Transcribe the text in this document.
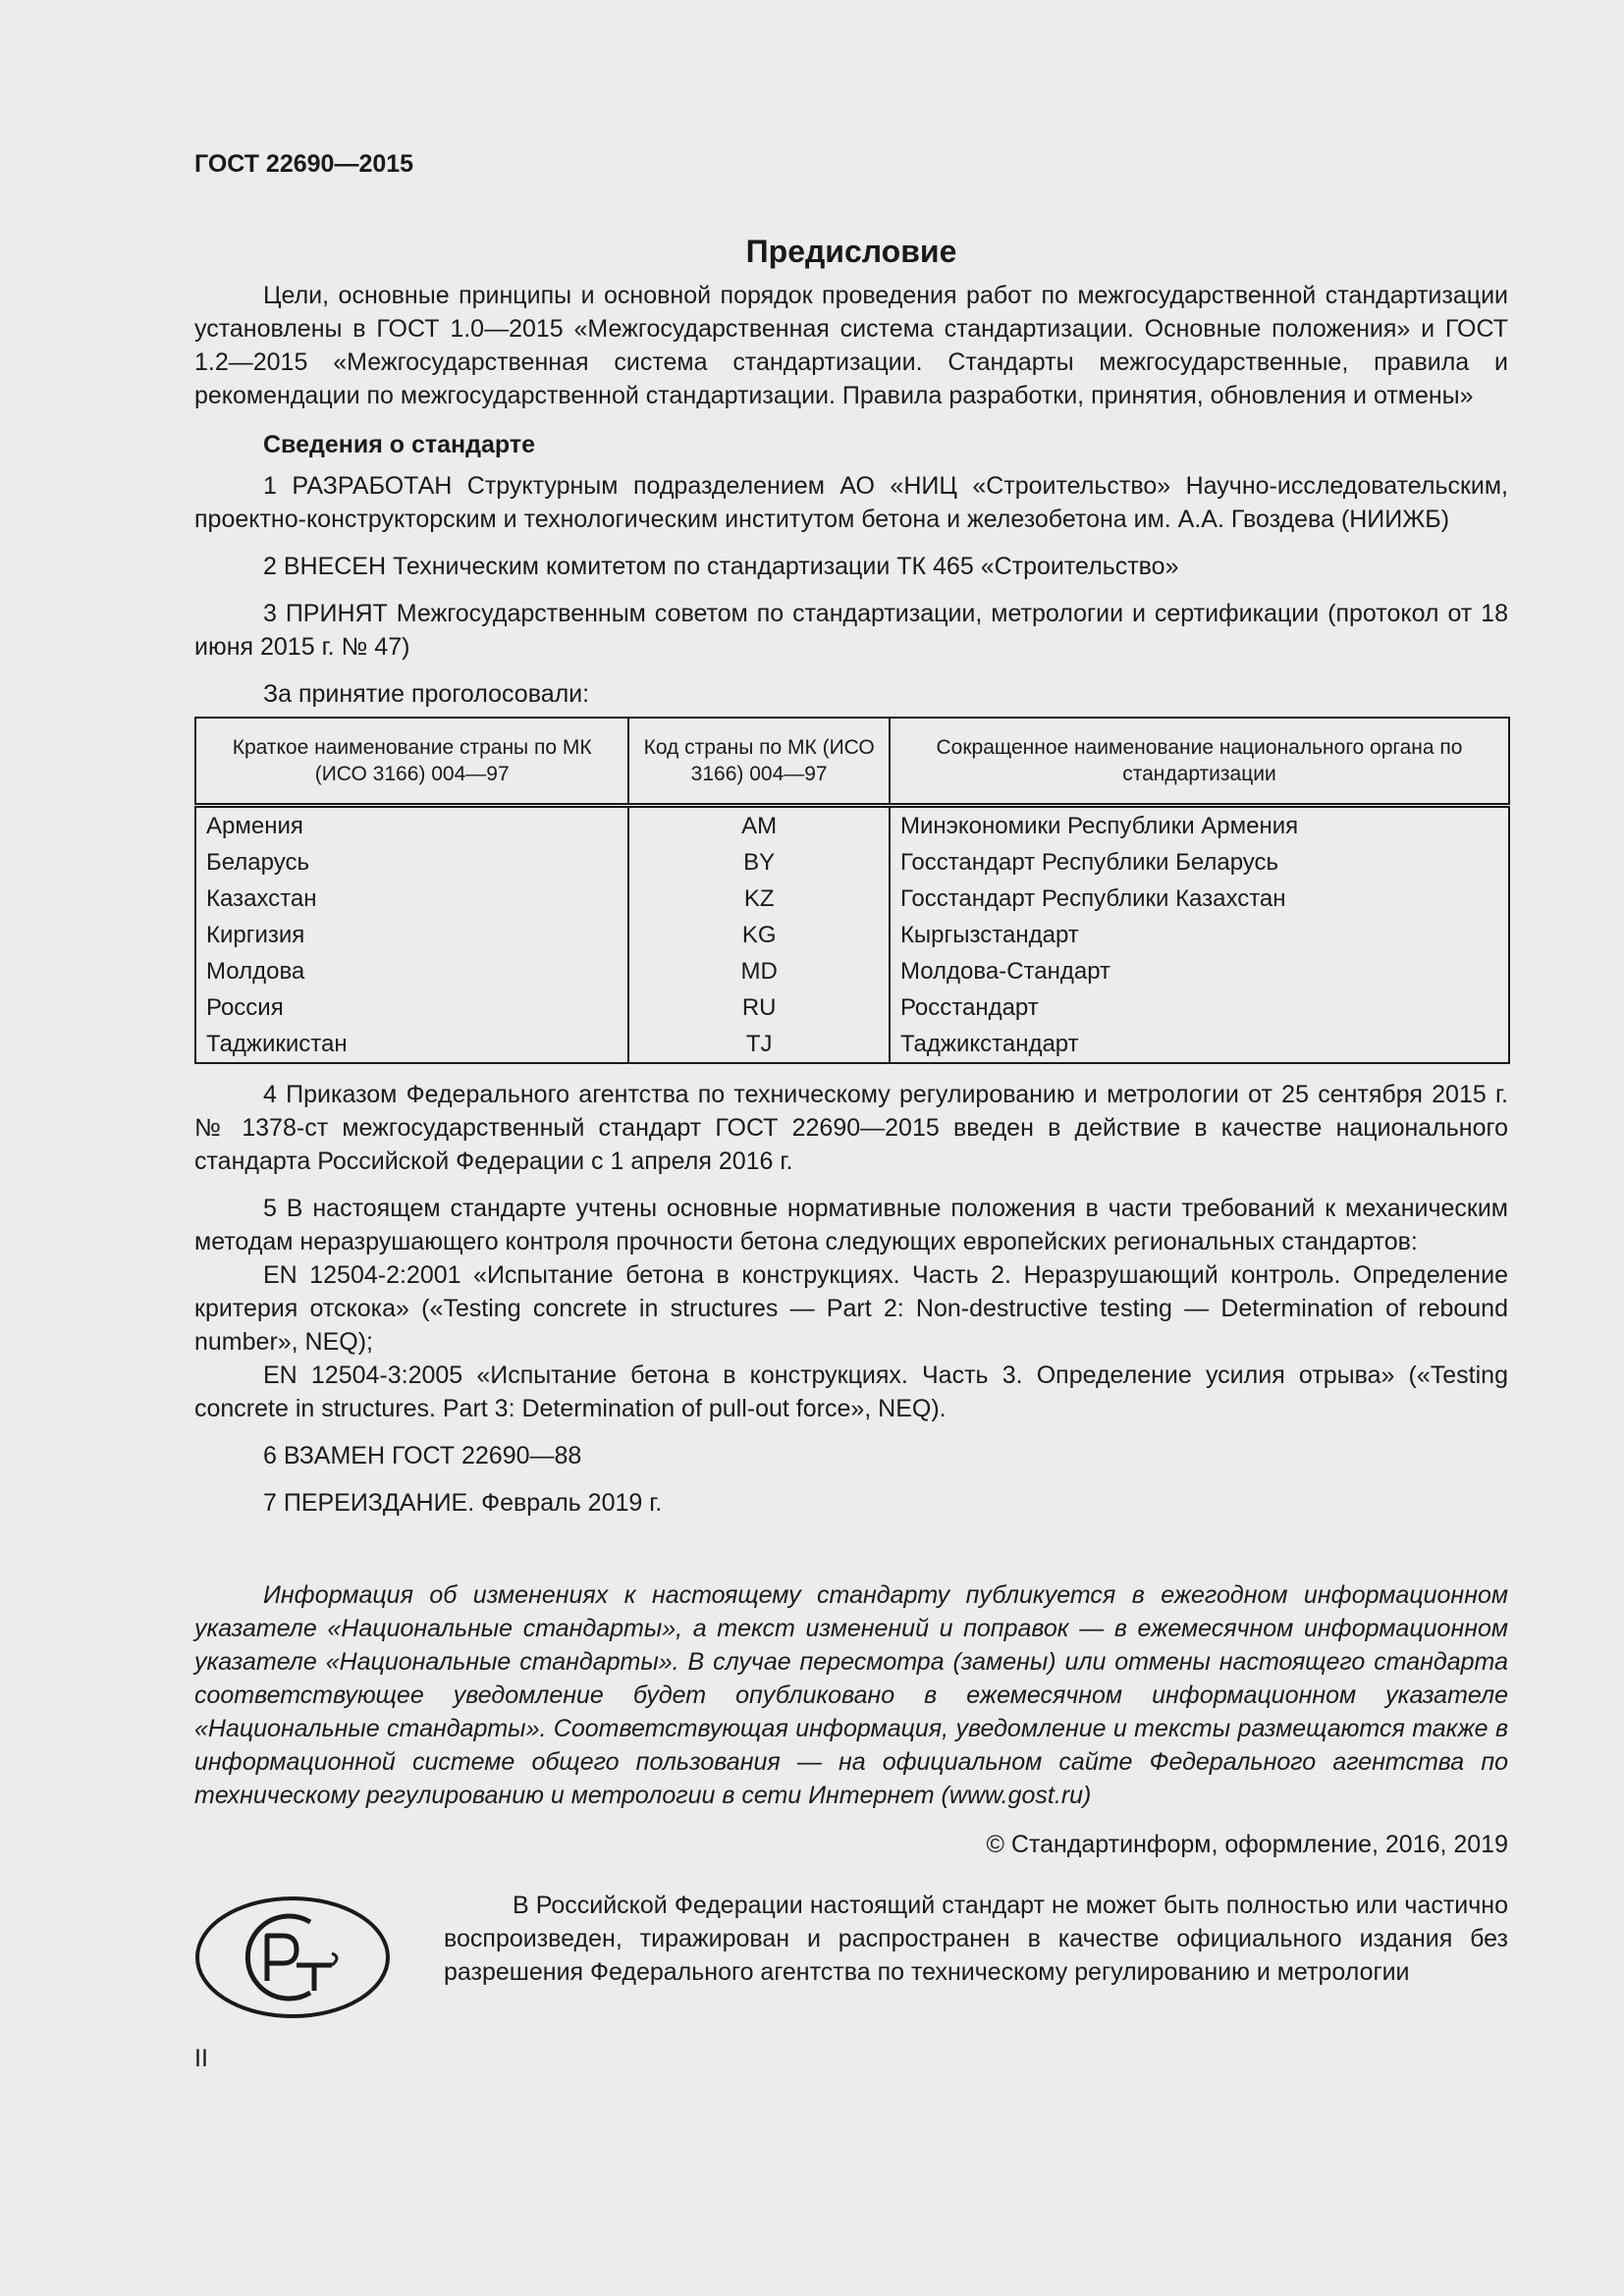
ГОСТ 22690—2015
Предисловие

Цели, основные принципы и основной порядок проведения работ по межгосударственной стандартизации установлены в ГОСТ 1.0—2015 «Межгосударственная система стандартизации. Основные положения» и ГОСТ 1.2—2015 «Межгосударственная система стандартизации. Стандарты межгосударственные, правила и рекомендации по межгосударственной стандартизации. Правила разработки, принятия, обновления и отмены»

Сведения о стандарте

1 РАЗРАБОТАН Структурным подразделением АО «НИЦ «Строительство» Научно-исследовательским, проектно-конструкторским и технологическим институтом бетона и железобетона им. А.А. Гвоздева (НИИЖБ)

2 ВНЕСЕН Техническим комитетом по стандартизации ТК 465 «Строительство»

3 ПРИНЯТ Межгосударственным советом по стандартизации, метрологии и сертификации (протокол от 18 июня 2015 г. № 47)

За принятие проголосовали:

Краткое наименование страны по МК (ИСО 3166) 004—97	Код страны по МК (ИСО 3166) 004—97	Сокращенное наименование национального органа по стандартизации
Армения	AM	Минэкономики Республики Армения
Беларусь	BY	Госстандарт Республики Беларусь
Казахстан	KZ	Госстандарт Республики Казахстан
Киргизия	KG	Кыргызстандарт
Молдова	MD	Молдова-Стандарт
Россия	RU	Росстандарт
Таджикистан	TJ	Таджикстандарт

4 Приказом Федерального агентства по техническому регулированию и метрологии от 25 сентября 2015 г. № 1378-ст межгосударственный стандарт ГОСТ 22690—2015 введен в действие в качестве национального стандарта Российской Федерации с 1 апреля 2016 г.

5 В настоящем стандарте учтены основные нормативные положения в части требований к механическим методам неразрушающего контроля прочности бетона следующих европейских региональных стандартов:

EN 12504-2:2001 «Испытание бетона в конструкциях. Часть 2. Неразрушающий контроль. Определение критерия отскока» («Testing concrete in structures — Part 2: Non-destructive testing — Determination of rebound number», NEQ);

EN 12504-3:2005 «Испытание бетона в конструкциях. Часть 3. Определение усилия отрыва» («Testing concrete in structures. Part 3: Determination of pull-out force», NEQ).

6 ВЗАМЕН ГОСТ 22690—88

7 ПЕРЕИЗДАНИЕ. Февраль 2019 г.

Информация об изменениях к настоящему стандарту публикуется в ежегодном информационном указателе «Национальные стандарты», а текст изменений и поправок — в ежемесячном информационном указателе «Национальные стандарты». В случае пересмотра (замены) или отмены настоящего стандарта соответствующее уведомление будет опубликовано в ежемесячном информационном указателе «Национальные стандарты». Соответствующая информация, уведомление и тексты размещаются также в информационной системе общего пользования — на официальном сайте Федерального агентства по техническому регулированию и метрологии в сети Интернет (www.gost.ru)

© Стандартинформ, оформление, 2016, 2019

В Российской Федерации настоящий стандарт не может быть полностью или частично воспроизведен, тиражирован и распространен в качестве официального издания без разрешения Федерального агентства по техническому регулированию и метрологии

II
